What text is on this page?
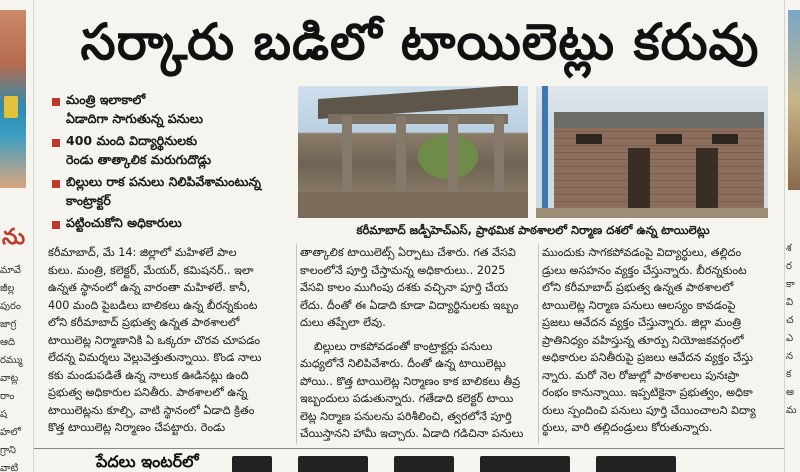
ను
మావే
జీల్ల
పురం
జాగ్ర
ఆది
రమ్ము
వాట్ల
రాం
ష
హలో
గ్రాని
వాటి
శ
ర
కా
వి
చ
ఎ
న
క
అ
మ
సర్కారు బడిలో టాయిలెట్లు కరువు
మంత్రి ఇలాకాలో
ఏడాదిగా సాగుతున్న పనులు
400 మంది విద్యార్థినులకు
రెండు తాత్కాలిక మరుగుదొడ్లు
బిల్లులు రాక పనులు నిలిపివేశామంటున్న
కాంట్రాక్టర్
పట్టించుకోని అధికారులు	కరీమాబాద్ జడ్పీహెచ్ఎస్, ప్రాథమిక పాఠశాలలో నిర్మాణ దశలో ఉన్న టాయిలెట్లు
కరీమాబాద్, మే 14: జిల్లాలో మహిళలే పాల
కులు. మంత్రి, కలెక్టర్, మేయర్, కమిషనర్.. ఇలా
ఉన్నత స్థానంలో ఉన్న వారంతా మహిళలే. కానీ,
400 మంది పైబడిలు బాలికలు ఉన్న బీరన్నకుంట
లోని కరీమాబాద్ ప్రభుత్వ ఉన్నత పాఠశాలలో
టాయిలెట్ల నిర్మాణానికి ఏ ఒక్కరూ చొరవ చూపడం
లేదన్న విమర్శలు వెల్లువెత్తుతున్నాయి. కొండ నాలు
కకు మండుపడితే ఉన్న నాలుక ఊడినట్లు ఉంది
ప్రభుత్వ అధికారుల పనితీరు. పాఠశాలలో ఉన్న
టాయిలెట్లను కూల్చి, వాటి స్థానంలో ఏడాది క్రితం
కొత్త టాయిలెట్ల నిర్మాణం చేపట్టారు. రెండు
తాత్కాలిక టాయిలెట్స్ ఏర్పాటు చేశారు. గత వేసవి
కాలంలోనే పూర్తి చేస్తామన్న అధికారులు.. 2025
వేసవి కాలం ముగింపు దశకు వచ్చినా పూర్తి చేయ
లేదు. దీంతో ఈ ఏడాది కూడా విద్యార్థినులకు ఇబ్బం
దులు తప్పేలా లేవు.
బిల్లులు రాకపోవడంతో కాంట్రాక్టర్లు పనులు
మధ్యలోనే నిలిపివేశారు. దీంతో ఉన్న టాయిలెట్లు
పోయి.. కొత్త టాయిలెట్ల నిర్మాణం కాక బాలికలు తీవ్ర
ఇబ్బందులు పడుతున్నారు. గతేడాది కలెక్టర్ టాయి
లెట్ల నిర్మాణ పనులను పరిశీలించి, త్వరలోనే పూర్తి
చేయిస్తానని హామీ ఇచ్చారు. ఏడాది గడిచినా పనులు
ముందుకు సాగకపోవడంపై విద్యార్థులు, తల్లిదం
డ్రులు అసహనం వ్యక్తం చేస్తున్నారు. బీరన్నకుంట
లోని కరీమాబాద్ ప్రభుత్వ ఉన్నత పాఠశాలలో
టాయిలెట్ల నిర్మాణ పనులు ఆలస్యం కావడంపై
ప్రజలు ఆవేదన వ్యక్తం చేస్తున్నారు. జిల్లా మంత్రి
ప్రాతినిధ్యం వహిస్తున్న తూర్పు నియోజకవర్గంలో
అధికారుల పనితీరుపై ప్రజలు ఆవేదన వ్యక్తం చేస్తు
న్నారు. మరో నెల రోజుల్లో పాఠశాలలు పునఃప్రా
రంభం కానున్నాయి. ఇప్పటికైనా ప్రభుత్వం, అధికా
రులు స్పందించి పనులు పూర్తి చేయించాలని విద్యా
ర్థులు, వారి తల్లిదండ్రులు కోరుతున్నారు.
పేదలు ఇంటర్‌లో
